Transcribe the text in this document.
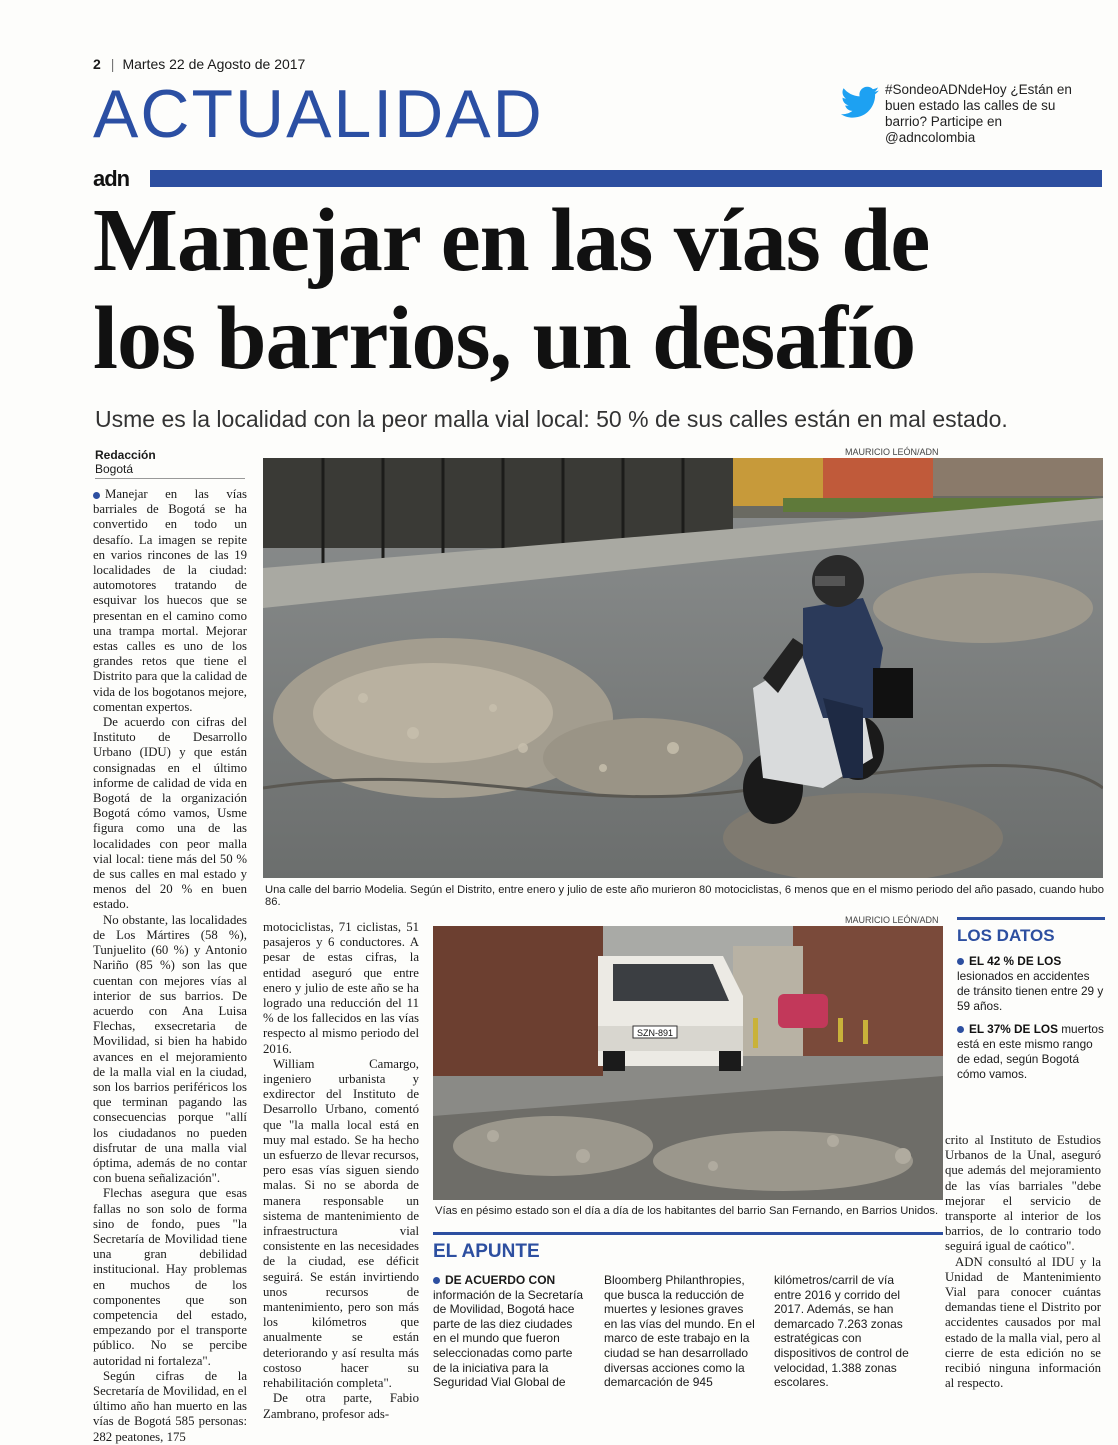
2 | Martes 22 de Agosto de 2017
ACTUALIDAD	#SondeoADNdeHoy ¿Están en buen estado las calles de su barrio? Participe en @adncolombia
adn
Manejar en las vías de
los barrios, un desafío
Usme es la localidad con la peor malla vial local: 50 % de sus calles están en mal estado.
Redacción
Bogotá

Manejar en las vías barriales de Bogotá se ha convertido en todo un desafío. La imagen se repite en varios rincones de las 19 localidades de la ciudad: automotores tratando de esquivar los huecos que se presentan en el camino como una trampa mortal. Mejorar estas calles es uno de los grandes retos que tiene el Distrito para que la calidad de vida de los bogotanos mejore, comentan expertos.

De acuerdo con cifras del Instituto de Desarrollo Urbano (IDU) y que están consignadas en el último informe de calidad de vida en Bogotá de la organización Bogotá cómo vamos, Usme figura como una de las localidades con peor malla vial local: tiene más del 50 % de sus calles en mal estado y menos del 20 % en buen estado.

No obstante, las localidades de Los Mártires (58 %), Tunjuelito (60 %) y Antonio Nariño (85 %) son las que cuentan con mejores vías al interior de sus barrios. De acuerdo con Ana Luisa Flechas, exsecretaria de Movilidad, si bien ha habido avances en el mejoramiento de la malla vial en la ciudad, son los barrios periféricos los que terminan pagando las consecuencias porque "allí los ciudadanos no pueden disfrutar de una malla vial óptima, además de no contar con buena señalización".

Flechas asegura que esas fallas no son solo de forma sino de fondo, pues "la Secretaría de Movilidad tiene una gran debilidad institucional. Hay problemas en muchos de los componentes que son competencia del estado, empezando por el transporte público. No se percibe autoridad ni fortaleza".

Según cifras de la Secretaría de Movilidad, en el último año han muerto en las vías de Bogotá 585 personas: 282 peatones, 175

MAURICIO LEÓN/ADN
Una calle del barrio Modelia. Según el Distrito, entre enero y julio de este año murieron 80 motociclistas, 6 menos que en el mismo periodo del año pasado, cuando hubo 86.

motociclistas, 71 ciclistas, 51 pasajeros y 6 conductores. A pesar de estas cifras, la entidad aseguró que entre enero y julio de este año se ha logrado una reducción del 11 % de los fallecidos en las vías respecto al mismo periodo del 2016.

William Camargo, ingeniero urbanista y exdirector del Instituto de Desarrollo Urbano, comentó que "la malla local está en muy mal estado. Se ha hecho un esfuerzo de llevar recursos, pero esas vías siguen siendo malas. Si no se aborda de manera responsable un sistema de mantenimiento de infraestructura vial consistente en las necesidades de la ciudad, ese déficit seguirá. Se están invirtiendo unos recursos de mantenimiento, pero son más los kilómetros que anualmente se están deteriorando y así resulta más costoso hacer su rehabilitación completa".

De otra parte, Fabio Zambrano, profesor ads-

MAURICIO LEÓN/ADN
SZN-891
Vías en pésimo estado son el día a día de los habitantes del barrio San Fernando, en Barrios Unidos.
LOS DATOS
EL 42 % DE LOS lesionados en accidentes de tránsito tienen entre 29 y 59 años.
EL 37% DE LOS muertos está en este mismo rango de edad, según Bogotá cómo vamos.

crito al Instituto de Estudios Urbanos de la Unal, aseguró que además del mejoramiento de las vías barriales "debe mejorar el servicio de transporte al interior de los barrios, de lo contrario todo seguirá igual de caótico".

ADN consultó al IDU y la Unidad de Mantenimiento Vial para conocer cuántas demandas tiene el Distrito por accidentes causados por mal estado de la malla vial, pero al cierre de esta edición no se recibió ninguna información al respecto.

EL APUNTE
DE ACUERDO CON información de la Secretaría de Movilidad, Bogotá hace parte de las diez ciudades en el mundo que fueron seleccionadas como parte de la iniciativa para la Seguridad Vial Global de
Bloomberg Philanthropies, que busca la reducción de muertes y lesiones graves en las vías del mundo. En el marco de este trabajo en la ciudad se han desarrollado diversas acciones como la demarcación de 945
kilómetros/carril de vía entre 2016 y corrido del 2017. Además, se han demarcado 7.263 zonas estratégicas con dispositivos de control de velocidad, 1.388 zonas escolares.
